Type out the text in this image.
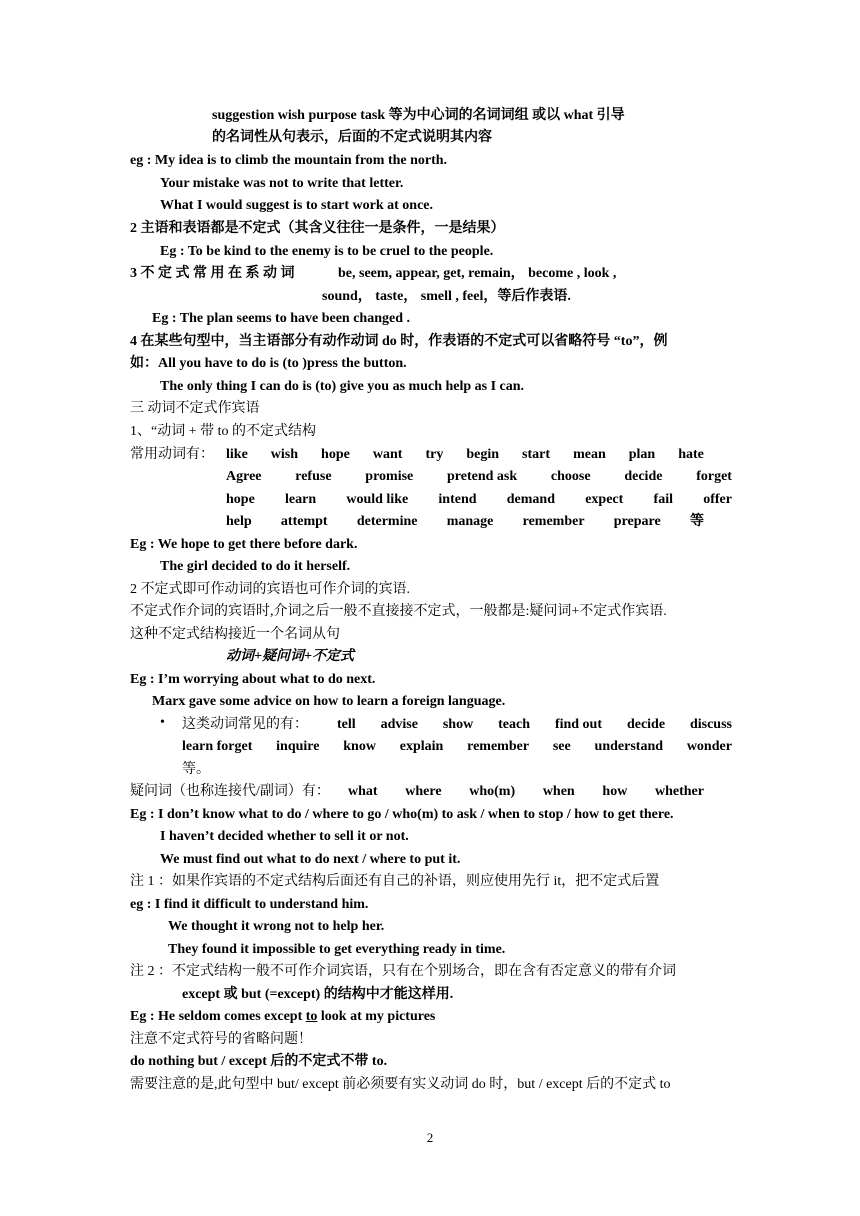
suggestion wish purpose task 等为中心词的名词词组 或以 what 引导
的名词性从句表示，后面的不定式说明其内容
eg : My idea is to climb the mountain from the north.
Your mistake was not to write that letter.
What I would suggest is to start work at once.
2 主语和表语都是不定式（其含义往往一是条件，一是结果）
Eg : To be kind to the enemy is to be cruel to the people.
3 不 定 式 常 用 在 系 动 词	be, seem, appear, get, remain， become , look ,
sound， taste， smell , feel，等后作表语.
Eg : The plan seems to have been changed .
4 在某些句型中，当主语部分有动作动词 do 时，作表语的不定式可以省略符号 “to”，例
如：All you have to do is (to )press the button.
The only thing I can do is (to) give you as much help as I can.
三 动词不定式作宾语
1、“动词 + 带 to 的不定式结构
常用动词有： like wish hope want try begin start mean plan hate
Agree refuse promise pretend ask choose decide forget
hope learn would like intend demand expect fail offer
help attempt determine manage remember prepare 等
Eg : We hope to get there before dark.
The girl decided to do it herself.
2 不定式即可作动词的宾语也可作介词的宾语.
不定式作介词的宾语时,介词之后一般不直接接不定式，一般都是:疑问词+不定式作宾语.
这种不定式结构接近一个名词从句
动词+疑问词+不定式
Eg : I’m worrying about what to do next.
Marx gave some advice on how to learn a foreign language.
• 这类动词常见的有： tell advise show teach find out decide discuss
learn forget inquire know explain remember see understand wonder
等。
疑问词（也称连接代/副词）有： what where who(m) when how whether
Eg : I don’t know what to do / where to go / who(m) to ask / when to stop / how to get there.
I haven’t decided whether to sell it or not.
We must find out what to do next / where to put it.
注 1 ：如果作宾语的不定式结构后面还有自己的补语，则应使用先行 it，把不定式后置
eg : I find it difficult to understand him.
We thought it wrong not to help her.
They found it impossible to get everything ready in time.
注 2 ：不定式结构一般不可作介词宾语，只有在个别场合，即在含有否定意义的带有介词
except 或 but (=except) 的结构中才能这样用.
Eg : He seldom comes except to look at my pictures
注意不定式符号的省略问题！
do nothing but / except 后的不定式不带 to.
需要注意的是,此句型中 but/ except 前必须要有实义动词 do 时，but / except 后的不定式 to
2
